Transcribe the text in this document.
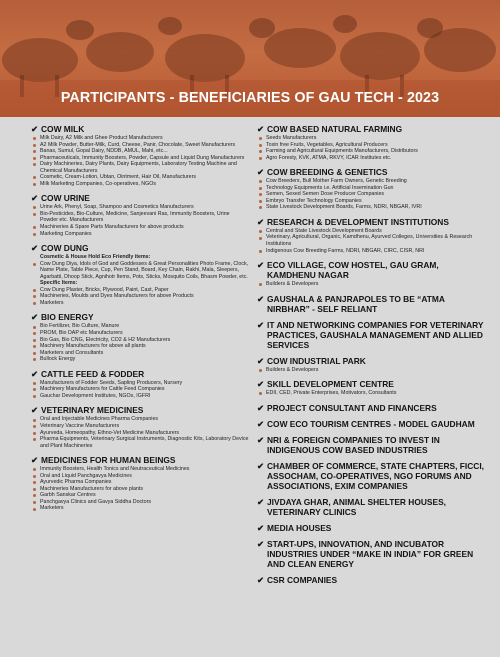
PARTICIPANTS - BENEFICIARIES OF GAU TECH - 2023
✔ COW MILK
Milk Dairy, A2 Milk and Ghee Product Manufacturers
A2 Milk Powder, Butter-Milk, Curd, Cheese, Panir, Chocolate, Sweet Manufacturers
Banas, Sumul, Gopal Dairy, NDDB, AMUL, Mahi, etc...
Pharmaceuticals, Immunity Boosters, Powder, Capsule and Liquid Dung Manufacturers
Dairy Machineries, Dairy Plants, Dairy Equipments, Laboratory Testing Machine and Chemical Manufacturers
Cosmetic, Cream-Lotion, Ubtan, Ointment, Hair Oil, Manufacturers
Milk Marketing Companies, Co-operatives, NGOs
✔ COW URINE
Urine Ark, Phenyl, Soap, Shampoo and Cosmetics Manufacturers
Bio-Pesticides, Bio-Culture, Medicine, Sanjeevani Ras, Immunity Boosters, Urine Powder etc. Manufacturers
Machineries & Spare Parts Manufacturers for above products
Marketing Companies
✔ COW DUNG
Cosmetic & House Hold Eco Friendly items:
Cow Dung Diya, Idols of God and Goddesses & Great Personalities Photo Frame, Clock, Name Plate, Table Piece, Cup, Pen Stand, Board, Key Chain, Rakhi, Mala, Sleepers, Agarbatti, Dhoop Stick, Agnihotr Items, Pots, Sticks, Mosquito Coils, Bhasm Powder, etc.
Specific Items:
Cow Dung Plaster, Bricks, Plywood, Paint, Cast, Paper
Machineries, Moulds and Dyes Manufacturers for above Products
Marketers
✔ BIO ENERGY
Bio Fertilizer, Bio Culture, Manure
PROM, Bio DAP etc Manufacturers
Bio Gas, Bio CNG, Electricity, CO2 & H2 Manufacturers
Machinery Manufacturers for above all plants
Marketers and Consultants
Bullock Energy
✔ CATTLE FEED & FODDER
Manufacturers of Fodder Seeds, Sapling Producers, Nursery
Machinery Manufacturers for Cattle Feed Companies
Gauchar Development Institutes, NGOs, IGFRI
✔ VETERINARY MEDICINES
Oral and Injectable Medicines Pharma Companies
Veterinary Vaccine Manufacturers
Ayurveda, Homeopathy, Ethno-Vet Medicine Manufacturers
Pharma Equipments, Veterinary Surgical Instruments, Diagnostic Kits, Laboratory Device and Plant Machineries
✔ MEDICINES FOR HUMAN BEINGS
Immunity Boosters, Health Tonics and Neutraceutical Medicines
Oral and Liquid Panchgavya Medicines
Ayurvedic Pharma Companies
Machineries Manufacturers for above plants
Garbh Sanskar Centres
Panchgavya Clinics and Gavya Siddha Doctors
Marketers
✔ COW BASED NATURAL FARMING
Seeds Manufacturers
Toxin free Fruits, Vegetables, Agricultural Producers
Farming and Agricultural Equipments Manufacturers, Distributors
Agro Foresty, KVK, ATMA, RKVY, ICAR Institutes etc.
✔ COW BREEDING & GENETICS
Cow Breeders, Bull Mother Farm Owners, Genetic Breeding
Technology Equipments i.e. Artificial Insemination Gun
Semen, Sexed Semen Dose Producer Companies
Embryo Transfer Technology Companies
State Livestock Development Boards, Farms, NDRI, NBGAR, IVRI
✔ RESEARCH & DEVELOPMENT INSTITUTIONS
Central and State Livestock Development Boards
Veterinary, Agricultural, Organic, Kamdhenu, Ayurved Colleges, Universities & Research Institutions
Indigenous Cow Breeding Farms, NDRI, NBGAR, CIRC, CISR, NRI
✔ ECO VILLAGE, COW HOSTEL, GAU GRAM, KAMDHENU NAGAR
Builders & Developers
✔ GAUSHALA & PANJRAPOLES TO BE “ATMA NIRBHAR” - SELF RELIANT
✔ IT AND NETWORKING COMPANIES FOR VETERINARY PRACTICES, GAUSHALA MANAGEMENT AND ALLIED SERVICES
✔ COW INDUSTRIAL PARK
Builders & Developers
✔ SKILL DEVELOPMENT CENTRE
EDII, CED, Private Enterprises, Motivators, Consultants
✔ PROJECT CONSULTANT AND FINANCERS
✔ COW ECO TOURISM CENTRES - MODEL GAUDHAM
✔ NRI & FOREIGN COMPANIES TO INVEST IN INDIGENOUS COW BASED INDUSTRIES
✔ CHAMBER OF COMMERCE, STATE CHAPTERS, FICCI, ASSOCHAM, CO-OPERATIVES, NGO FORUMS AND ASSOCIATIONS, EXIM COMPANIES
✔ JIVDAYA GHAR, ANIMAL SHELTER HOUSES, VETERINARY CLINICS
✔ MEDIA HOUSES
✔ START-UPS, INNOVATION, AND INCUBATOR INDUSTRIES UNDER “MAKE IN INDIA” FOR GREEN AND CLEAN ENERGY
✔ CSR COMPANIES
